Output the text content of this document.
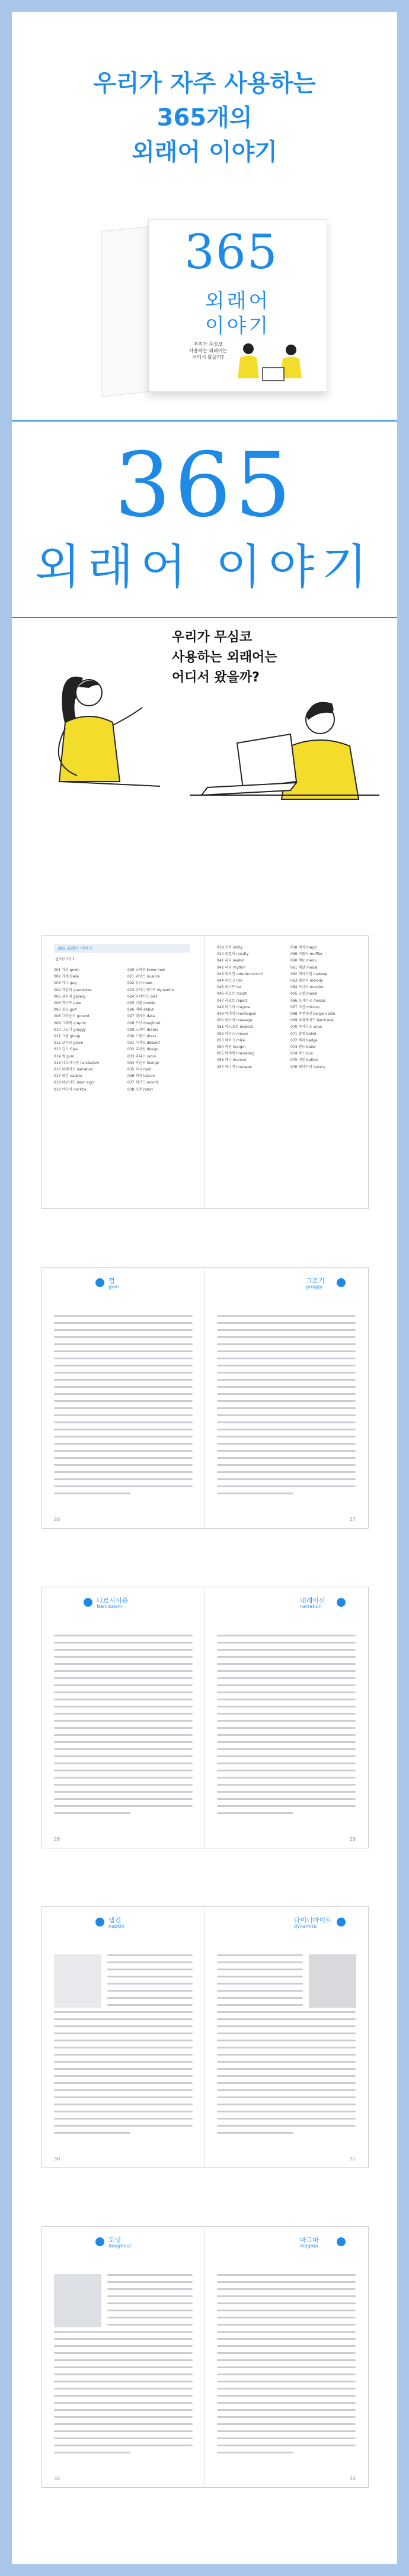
우리가 자주 사용하는
365개의
외래어 이야기
365
외래어
이야기
우리가 무심코
사용하는 외래어는
어디서 왔을까?
365
외래어 이야기
우리가 무심코
사용하는 외래어는
어디서 왔을까?
365 외래어 이야기
들어가며 1
001 가운 gown
002 가제 Gaze
003 개그 gag
004 개런티 guarantee
005 갤러리 gallery
006 게이트 gate
007 골프 golf
008 그라운드 ground
009 그래픽 graphic
010 그로기 groggy
011 그룹 group
012 글러브 glove
013 깁스 Gips
014 껌 gum
015 나르시시즘 narcissism
016 내레이션 narration
017 냅킨 napkin
018 네온사인 neon sign
019 넥타이 necktie
020 노하우 know-how
021 뉘앙스 nuance
022 뉴스 news
023 다이너마이트 dynamite
024 다이어트 diet
025 더블 double
026 데뷔 début
027 데이터 data
028 도넛 doughnut
029 드라마 drama
030 드레스 dress
031 디저트 dessert
032 디자인 design
033 라디오 radio
034 라운지 lounge
035 러시 rush
036 레저 leisure
037 레코드 record
038 로봇 robot
039 로비 lobby
040 로열티 royalty
041 리더 leader
042 리듬 rhythm
043 리모컨 remote control
044 리스크 risk
045 리스트 list
046 리조트 resort
047 리포트 report
048 마그마 magma
049 마네킹 mannequin
050 마사지 massage
051 마스코트 mascot
052 마우스 mouse
053 마이크 mike
054 마진 margin
055 마케팅 marketing
056 매너 manner
057 매니저 manager
058 매직 magic
059 머플러 muffler
060 메뉴 menu
061 메달 medal
062 메이크업 makeup
063 멜로디 melody
064 모니터 monitor
065 모델 model
066 모자이크 mosaic
067 미션 mission
068 바겐세일 bargain sale
069 바리케이드 barricade
070 바이러스 virus
071 발레 ballet
072 배지 badge
073 밴드 band
074 버스 bus
075 버튼 button
076 베이커리 bakery
껌
gum
26
그로기
groggy
27
나르시시즘
Narcissism
28
내레이션
narration
29
냅킨
napkin
30
다이너마이트
dynamite
31
도넛
doughnut
32
마그마
magma
33
